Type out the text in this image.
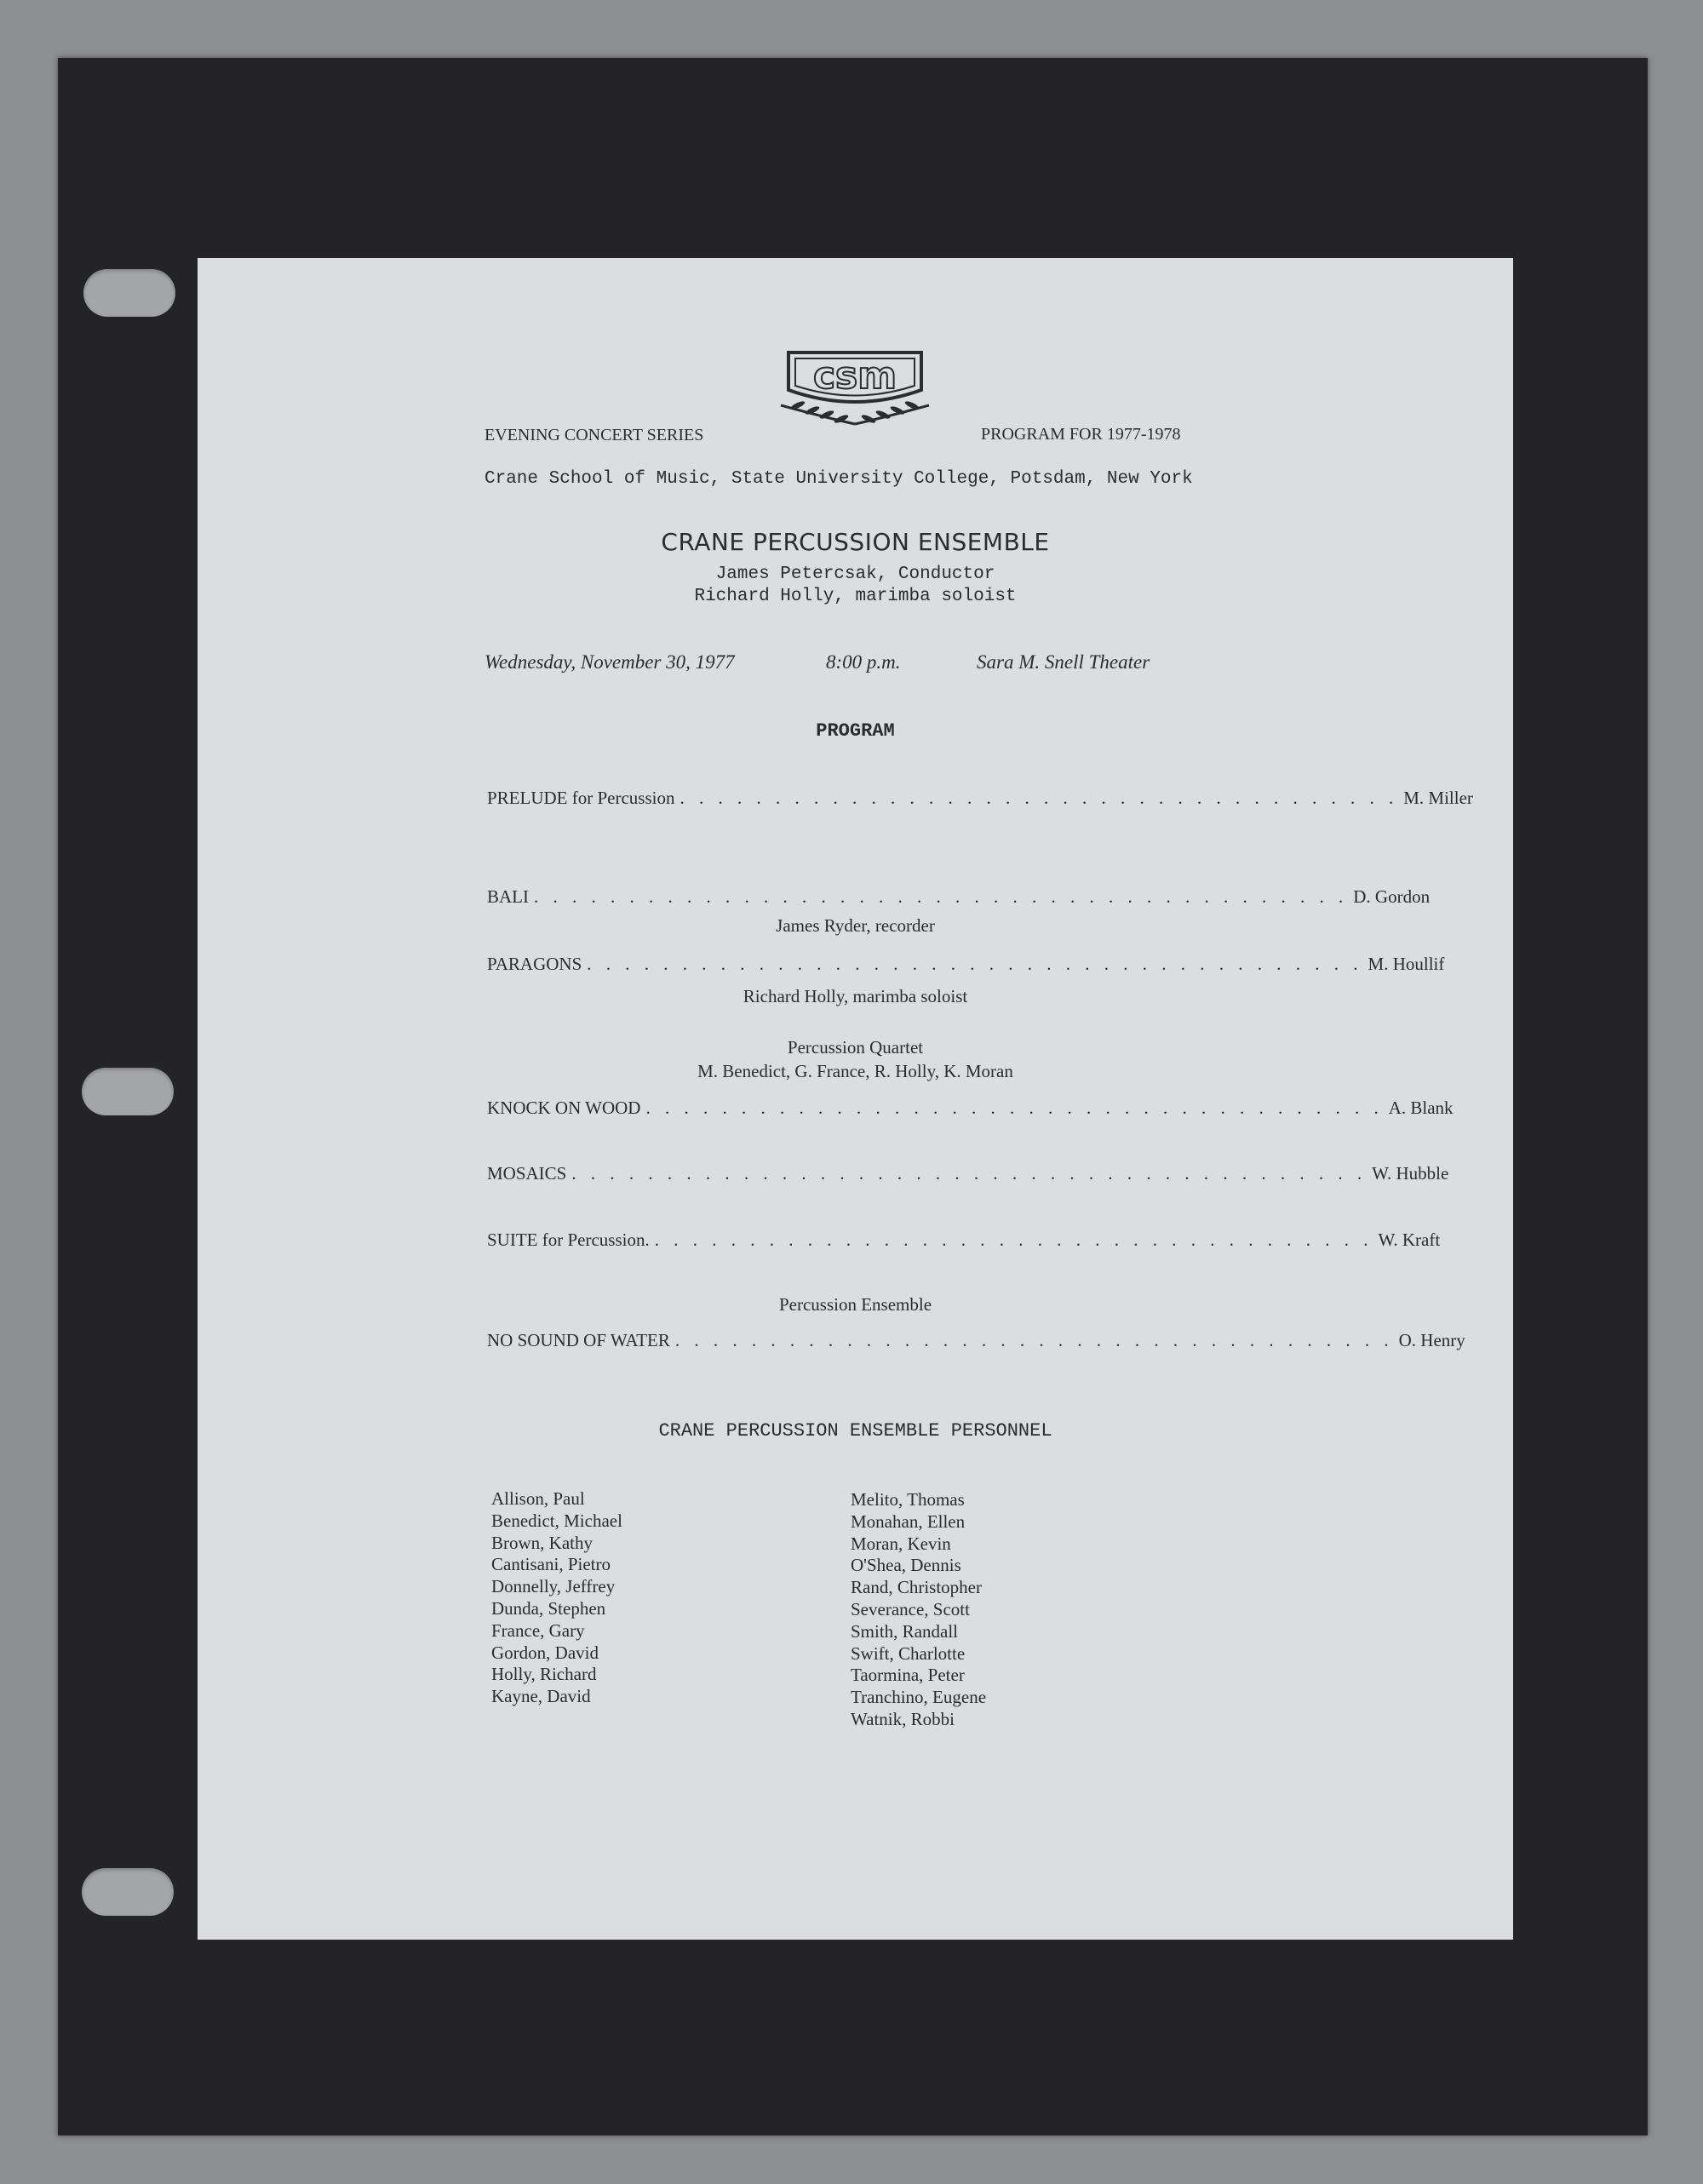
csm
EVENING CONCERT SERIES	PROGRAM FOR 1977-1978
Crane School of Music, State University College, Potsdam, New York
CRANE PERCUSSION ENSEMBLE
James Petercsak, Conductor
Richard Holly, marimba soloist
Wednesday, November 30, 1977	8:00 p.m.	Sara M. Snell Theater
PROGRAM
PRELUDE for Percussion . . . . . . . . . . . . . . . . . . . . . . . . . . . . . . . . . . . . . . M. Miller
BALI . . . . . . . . . . . . . . . . . . . . . . . . . . . . . . . . . . . . . . . . . . . D. Gordon
James Ryder, recorder
PARAGONS . . . . . . . . . . . . . . . . . . . . . . . . . . . . . . . . . . . . . . . . . M. Houllif
Richard Holly, marimba soloist
Percussion Quartet
M. Benedict, G. France, R. Holly, K. Moran
KNOCK ON WOOD . . . . . . . . . . . . . . . . . . . . . . . . . . . . . . . . . . . . . . . A. Blank
MOSAICS . . . . . . . . . . . . . . . . . . . . . . . . . . . . . . . . . . . . . . . . . . W. Hubble
SUITE for Percussion. . . . . . . . . . . . . . . . . . . . . . . . . . . . . . . . . . . . . . . W. Kraft
Percussion Ensemble
NO SOUND OF WATER . . . . . . . . . . . . . . . . . . . . . . . . . . . . . . . . . . . . . . O. Henry
CRANE PERCUSSION ENSEMBLE PERSONNEL
Allison, Paul
Benedict, Michael
Brown, Kathy
Cantisani, Pietro
Donnelly, Jeffrey
Dunda, Stephen
France, Gary
Gordon, David
Holly, Richard
Kayne, David
Melito, Thomas
Monahan, Ellen
Moran, Kevin
O'Shea, Dennis
Rand, Christopher
Severance, Scott
Smith, Randall
Swift, Charlotte
Taormina, Peter
Tranchino, Eugene
Watnik, Robbi
